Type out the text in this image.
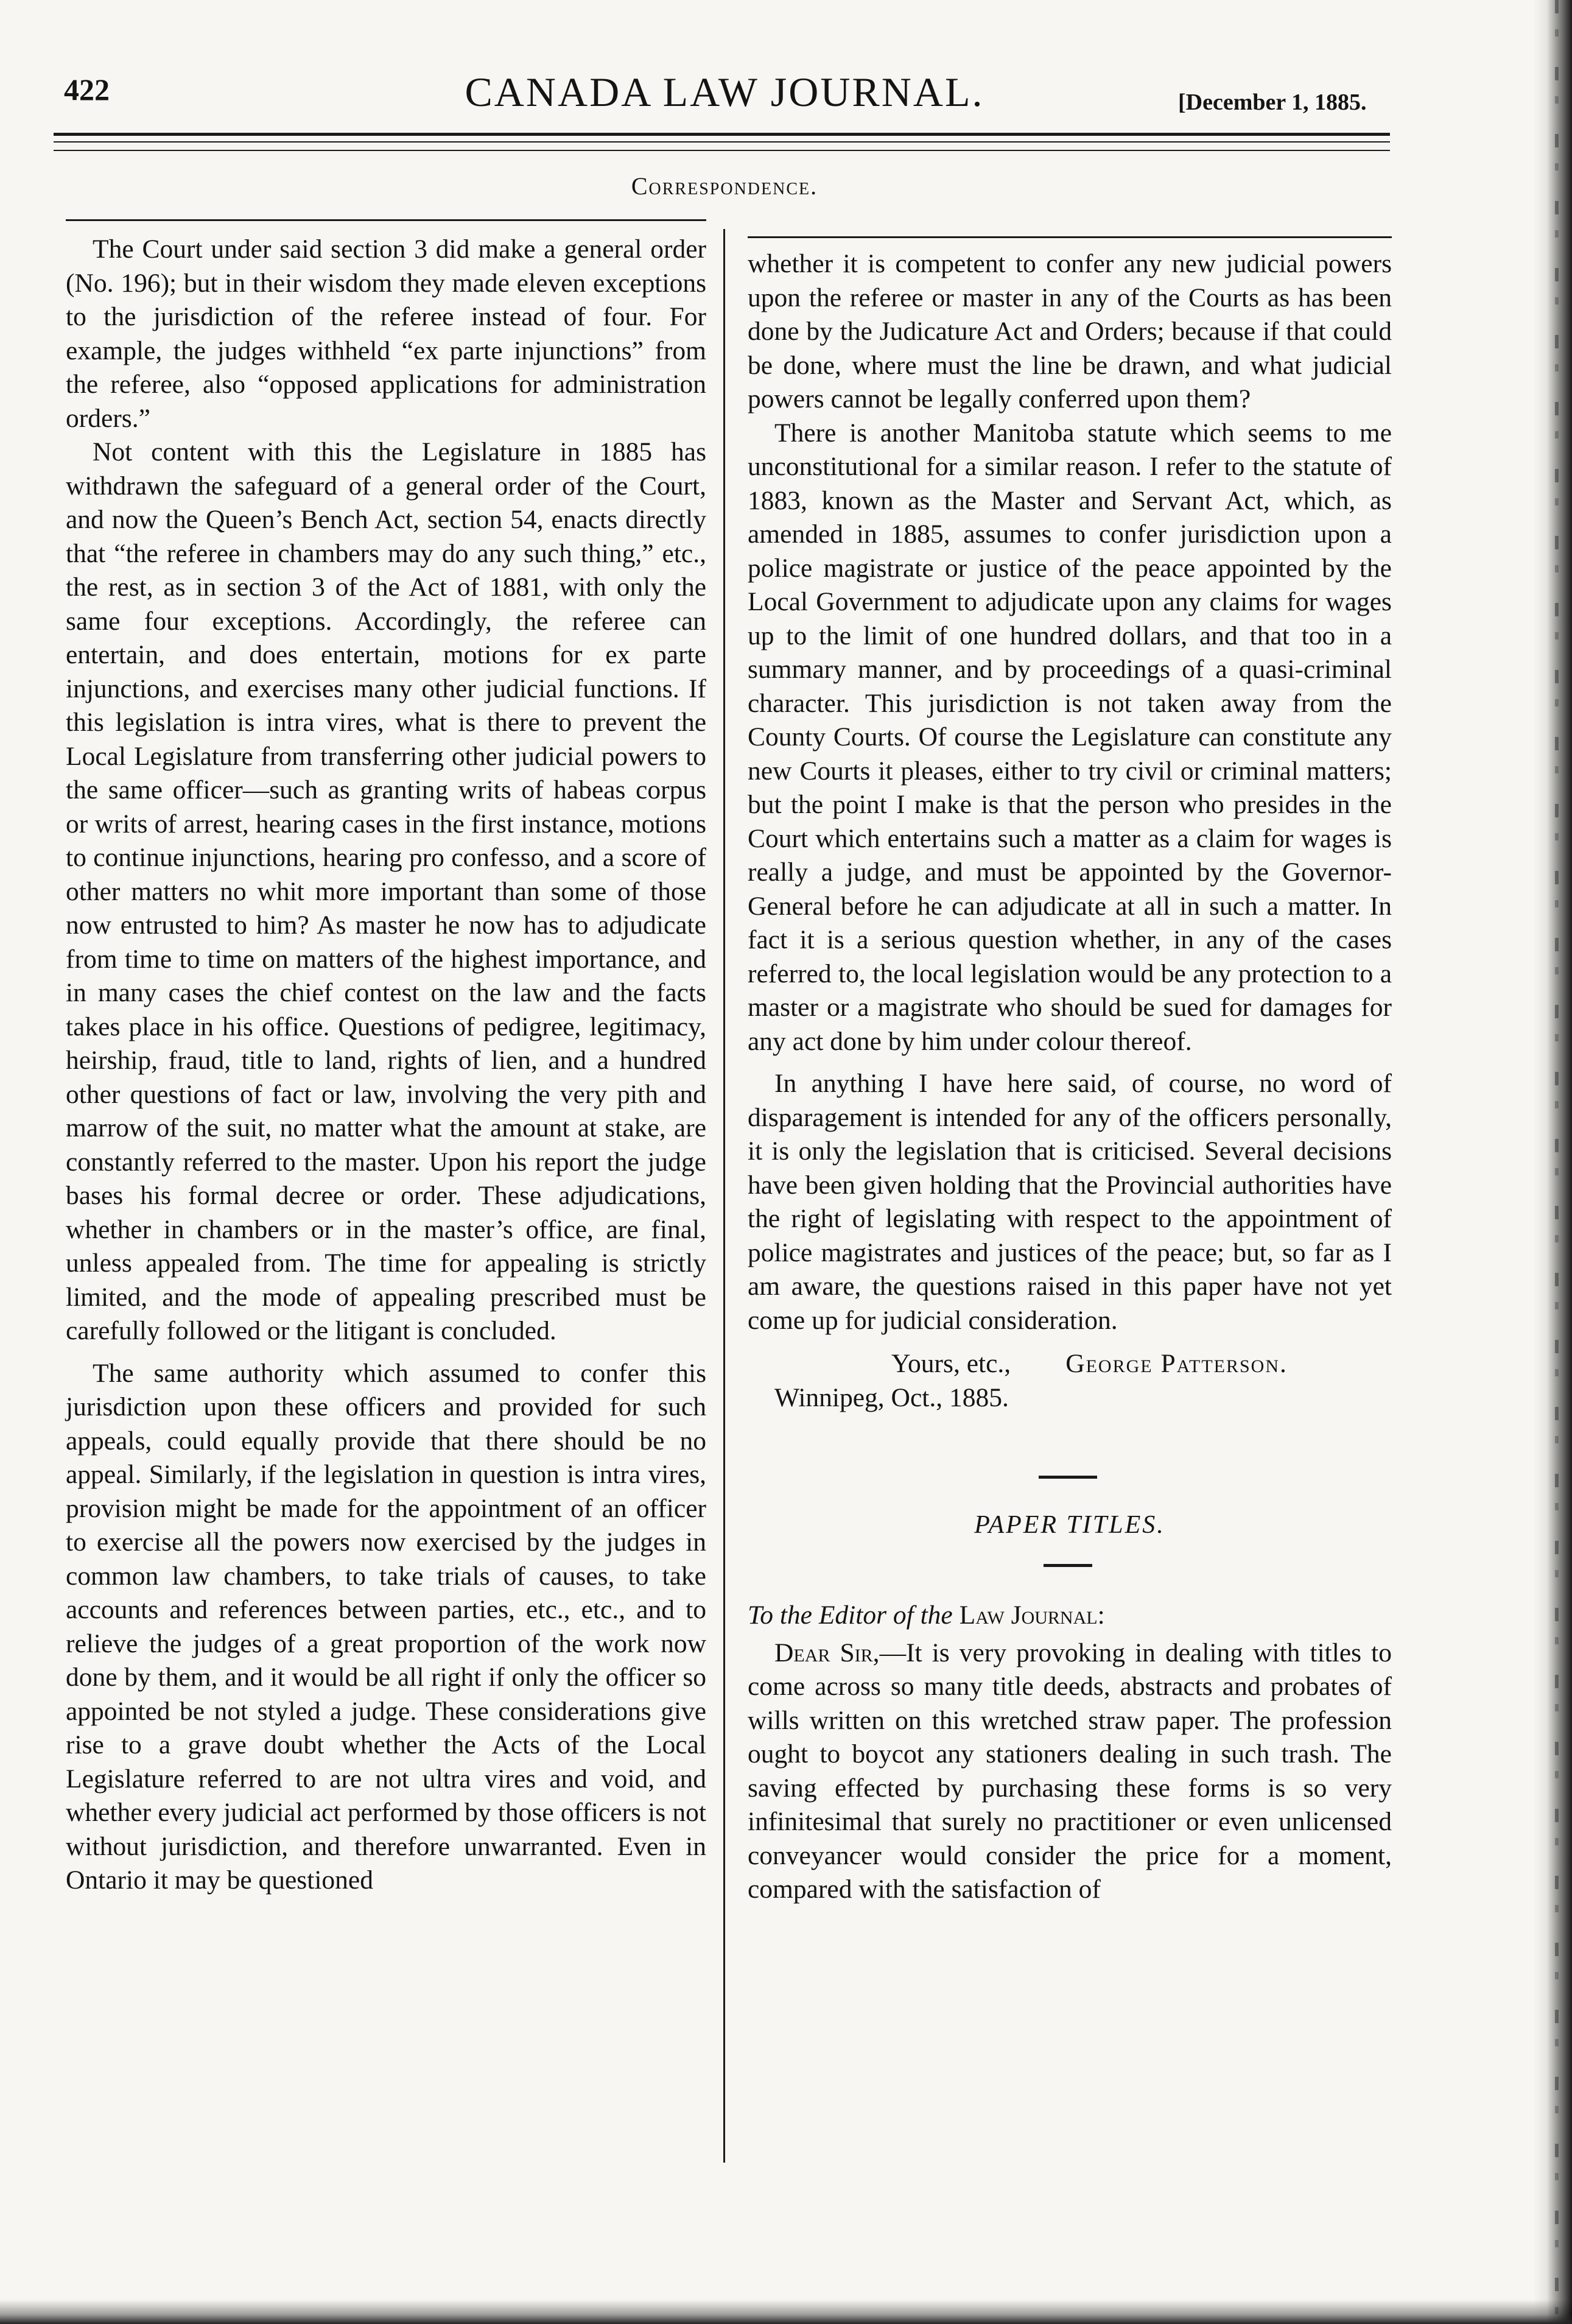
422	CANADA LAW JOURNAL.	[December 1, 1885.
Correspondence.

The Court under said section 3 did make a general order (No. 196); but in their wisdom they made eleven exceptions to the jurisdiction of the referee instead of four. For example, the judges withheld “ex parte injunctions” from the referee, also “opposed applications for administration orders.”

Not content with this the Legislature in 1885 has withdrawn the safeguard of a general order of the Court, and now the Queen’s Bench Act, section 54, enacts directly that “the referee in chambers may do any such thing,” etc., the rest, as in section 3 of the Act of 1881, with only the same four exceptions. Accordingly, the referee can entertain, and does entertain, motions for ex parte injunctions, and exercises many other judicial functions. If this legislation is intra vires, what is there to prevent the Local Legislature from transferring other judicial powers to the same officer—such as granting writs of habeas corpus or writs of arrest, hearing cases in the first instance, motions to continue injunctions, hearing pro confesso, and a score of other matters no whit more important than some of those now entrusted to him? As master he now has to adjudicate from time to time on matters of the highest importance, and in many cases the chief contest on the law and the facts takes place in his office. Questions of pedigree, legitimacy, heirship, fraud, title to land, rights of lien, and a hundred other questions of fact or law, involving the very pith and marrow of the suit, no matter what the amount at stake, are constantly referred to the master. Upon his report the judge bases his formal decree or order. These adjudications, whether in chambers or in the master’s office, are final, unless appealed from. The time for appealing is strictly limited, and the mode of appealing prescribed must be carefully followed or the litigant is concluded.

The same authority which assumed to confer this jurisdiction upon these officers and provided for such appeals, could equally provide that there should be no appeal. Similarly, if the legislation in question is intra vires, provision might be made for the appointment of an officer to exercise all the powers now exercised by the judges in common law chambers, to take trials of causes, to take accounts and references between parties, etc., etc., and to relieve the judges of a great proportion of the work now done by them, and it would be all right if only the officer so appointed be not styled a judge. These considerations give rise to a grave doubt whether the Acts of the Local Legislature referred to are not ultra vires and void, and whether every judicial act performed by those officers is not without jurisdiction, and therefore unwarranted. Even in Ontario it may be questioned

whether it is competent to confer any new judicial powers upon the referee or master in any of the Courts as has been done by the Judicature Act and Orders; because if that could be done, where must the line be drawn, and what judicial powers cannot be legally conferred upon them?

There is another Manitoba statute which seems to me unconstitutional for a similar reason. I refer to the statute of 1883, known as the Master and Servant Act, which, as amended in 1885, assumes to confer jurisdiction upon a police magistrate or justice of the peace appointed by the Local Government to adjudicate upon any claims for wages up to the limit of one hundred dollars, and that too in a summary manner, and by proceedings of a quasi-criminal character. This jurisdiction is not taken away from the County Courts. Of course the Legislature can constitute any new Courts it pleases, either to try civil or criminal matters; but the point I make is that the person who presides in the Court which entertains such a matter as a claim for wages is really a judge, and must be appointed by the Governor-General before he can adjudicate at all in such a matter. In fact it is a serious question whether, in any of the cases referred to, the local legislation would be any protection to a master or a magistrate who should be sued for damages for any act done by him under colour thereof.

In anything I have here said, of course, no word of disparagement is intended for any of the officers personally, it is only the legislation that is criticised. Several decisions have been given holding that the Provincial authorities have the right of legislating with respect to the appointment of police magistrates and justices of the peace; but, so far as I am aware, the questions raised in this paper have not yet come up for judicial consideration.

Yours, etc., George Patterson.
Winnipeg, Oct., 1885.
PAPER TITLES.
To the Editor of the Law Journal:

Dear Sir,—It is very provoking in dealing with titles to come across so many title deeds, abstracts and probates of wills written on this wretched straw paper. The profession ought to boycot any stationers dealing in such trash. The saving effected by purchasing these forms is so very infinitesimal that surely no practitioner or even unlicensed conveyancer would consider the price for a moment, compared with the satisfaction of
